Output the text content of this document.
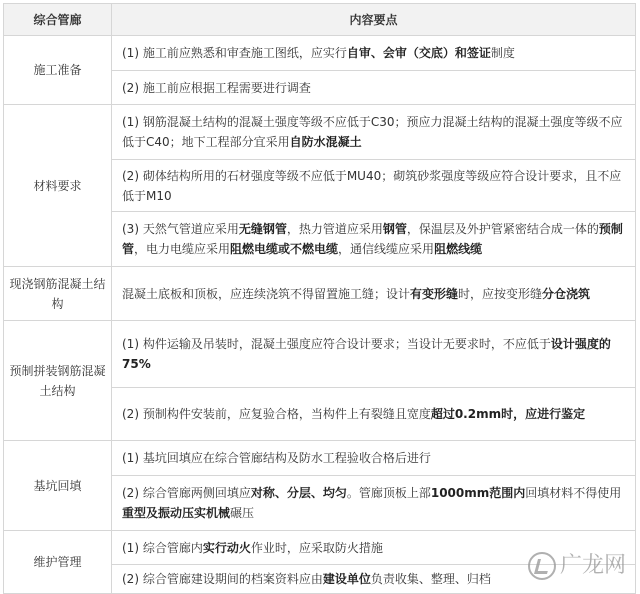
综合管廊	内容要点
施工准备	(1) 施工前应熟悉和审查施工图纸，应实行自审、会审（交底）和签证制度
	(2) 施工前应根据工程需要进行调查
材料要求	(1) 钢筋混凝土结构的混凝土强度等级不应低于C30；预应力混凝土结构的混凝土强度等级不应低于C40；地下工程部分宜采用自防水混凝土
	(2) 砌体结构所用的石材强度等级不应低于MU40；砌筑砂浆强度等级应符合设计要求，且不应低于M10
	(3) 天然气管道应采用无缝钢管，热力管道应采用钢管，保温层及外护管紧密结合成一体的预制管，电力电缆应采用阻燃电缆或不燃电缆，通信线缆应采用阻燃线缆
现浇钢筋混凝土结构	混凝土底板和顶板，应连续浇筑不得留置施工缝；设计有变形缝时，应按变形缝分仓浇筑
预制拼装钢筋混凝土结构	(1) 构件运输及吊装时，混凝土强度应符合设计要求；当设计无要求时，不应低于设计强度的75%
	(2) 预制构件安装前，应复验合格，当构件上有裂缝且宽度超过0.2mm时，应进行鉴定
基坑回填	(1) 基坑回填应在综合管廊结构及防水工程验收合格后进行
	(2) 综合管廊两侧回填应对称、分层、均匀。管廊顶板上部1000mm范围内回填材料不得使用重型及振动压实机械碾压
维护管理	(1) 综合管廊内实行动火作业时，应采取防火措施
	(2) 综合管廊建设期间的档案资料应由建设单位负责收集、整理、归档
广龙网
